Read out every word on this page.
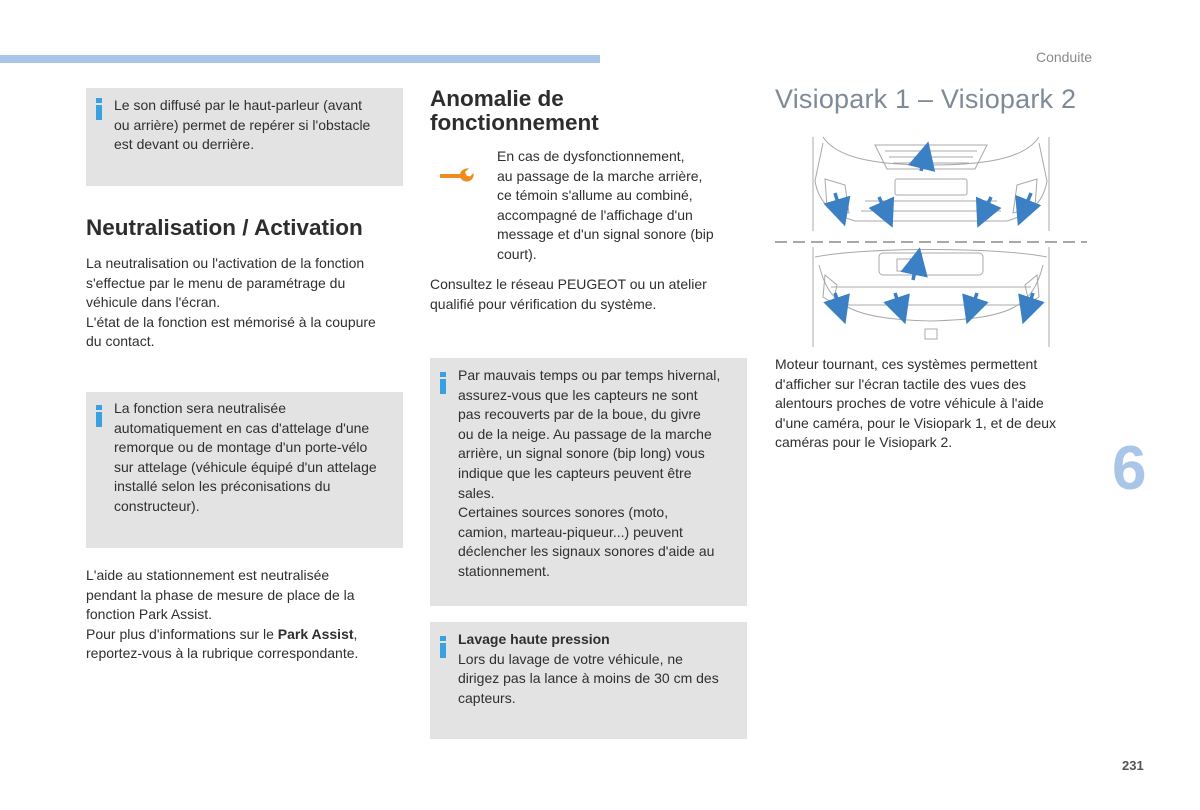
Conduite
Le son diffusé par le haut-parleur (avant
ou arrière) permet de repérer si l'obstacle
est devant ou derrière.
Neutralisation / Activation
La neutralisation ou l'activation de la fonction
s'effectue par le menu de paramétrage du
véhicule dans l'écran.
L'état de la fonction est mémorisé à la coupure
du contact.
La fonction sera neutralisée
automatiquement en cas d'attelage d'une
remorque ou de montage d'un porte-vélo
sur attelage (véhicule équipé d'un attelage
installé selon les préconisations du
constructeur).
L'aide au stationnement est neutralisée
pendant la phase de mesure de place de la
fonction Park Assist.
Pour plus d'informations sur le Park Assist,
reportez-vous à la rubrique correspondante.
Anomalie de
fonctionnement
En cas de dysfonctionnement,
au passage de la marche arrière,
ce témoin s'allume au combiné,
accompagné de l'affichage d'un
message et d'un signal sonore (bip
court).
Consultez le réseau PEUGEOT ou un atelier
qualifié pour vérification du système.
Par mauvais temps ou par temps hivernal,
assurez-vous que les capteurs ne sont
pas recouverts par de la boue, du givre
ou de la neige. Au passage de la marche
arrière, un signal sonore (bip long) vous
indique que les capteurs peuvent être
sales.
Certaines sources sonores (moto,
camion, marteau-piqueur...) peuvent
déclencher les signaux sonores d'aide au
stationnement.
Lavage haute pression
Lors du lavage de votre véhicule, ne
dirigez pas la lance à moins de 30 cm des
capteurs.
Visiopark 1 – Visiopark 2
Moteur tournant, ces systèmes permettent
d'afficher sur l'écran tactile des vues des
alentours proches de votre véhicule à l'aide
d'une caméra, pour le Visiopark 1, et de deux
caméras pour le Visiopark 2.	6
231
